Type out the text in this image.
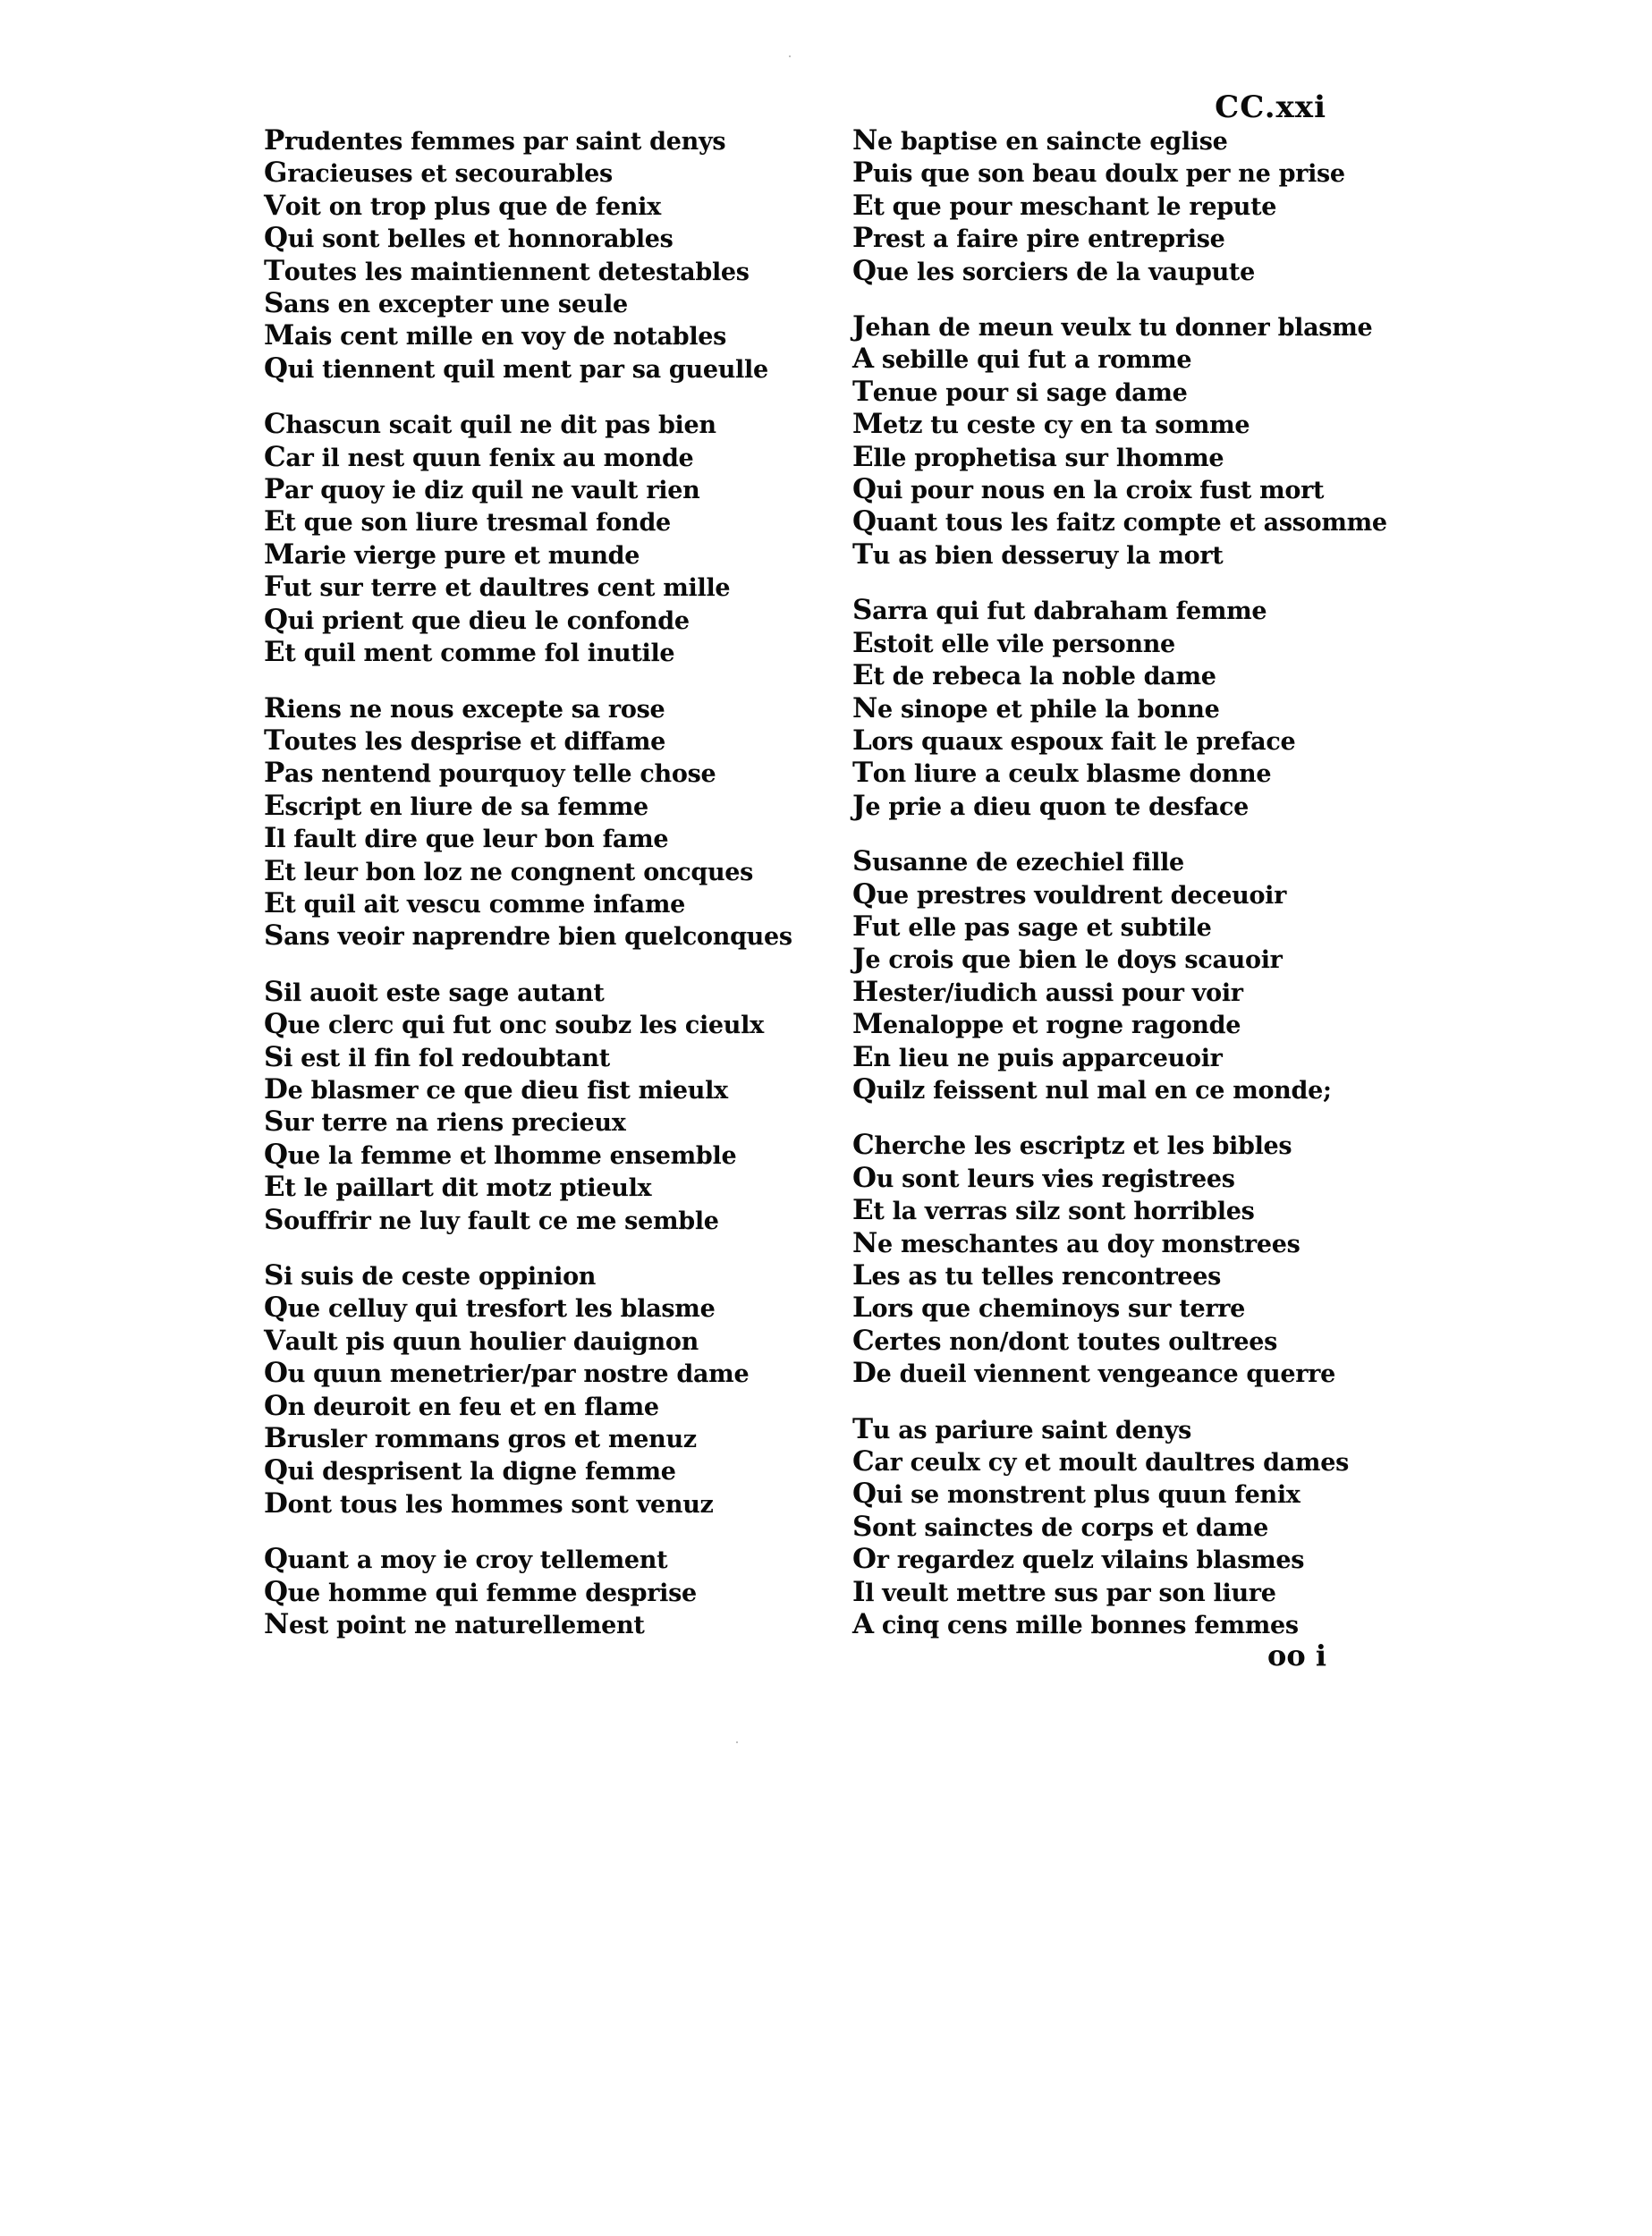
CC.xxi
Prudentes femmes par saint denys
Gracieuses et secourables
Voit on trop plus que de fenix
Qui sont belles et honnorables
Toutes les maintiennent detestables
Sans en excepter une seule
Mais cent mille en voy de notables
Qui tiennent quil ment par sa gueulle
Chascun scait quil ne dit pas bien
Car il nest quun fenix au monde
Par quoy ie diz quil ne vault rien
Et que son liure tresmal fonde
Marie vierge pure et munde
Fut sur terre et daultres cent mille
Qui prient que dieu le confonde
Et quil ment comme fol inutile
Riens ne nous excepte sa rose
Toutes les desprise et diffame
Pas nentend pourquoy telle chose
Escript en liure de sa femme
Il fault dire que leur bon fame
Et leur bon loz ne congnent oncques
Et quil ait vescu comme infame
Sans veoir naprendre bien quelconques
Sil auoit este sage autant
Que clerc qui fut onc soubz les cieulx
Si est il fin fol redoubtant
De blasmer ce que dieu fist mieulx
Sur terre na riens precieux
Que la femme et lhomme ensemble
Et le paillart dit motz ptieulx
Souffrir ne luy fault ce me semble
Si suis de ceste oppinion
Que celluy qui tresfort les blasme
Vault pis quun houlier dauignon
Ou quun menetrier/par nostre dame
On deuroit en feu et en flame
Brusler rommans gros et menuz
Qui desprisent la digne femme
Dont tous les hommes sont venuz
Quant a moy ie croy tellement
Que homme qui femme desprise
Nest point ne naturellement
Ne baptise en saincte eglise
Puis que son beau doulx per ne prise
Et que pour meschant le repute
Prest a faire pire entreprise
Que les sorciers de la vaupute
Jehan de meun veulx tu donner blasme
A sebille qui fut a romme
Tenue pour si sage dame
Metz tu ceste cy en ta somme
Elle prophetisa sur lhomme
Qui pour nous en la croix fust mort
Quant tous les faitz compte et assomme
Tu as bien desseruy la mort
Sarra qui fut dabraham femme
Estoit elle vile personne
Et de rebeca la noble dame
Ne sinope et phile la bonne
Lors quaux espoux fait le preface
Ton liure a ceulx blasme donne
Je prie a dieu quon te desface
Susanne de ezechiel fille
Que prestres vouldrent deceuoir
Fut elle pas sage et subtile
Je crois que bien le doys scauoir
Hester/iudich aussi pour voir
Menaloppe et rogne ragonde
En lieu ne puis apparceuoir
Quilz feissent nul mal en ce monde;
Cherche les escriptz et les bibles
Ou sont leurs vies registrees
Et la verras silz sont horribles
Ne meschantes au doy monstrees
Les as tu telles rencontrees
Lors que cheminoys sur terre
Certes non/dont toutes oultrees
De dueil viennent vengeance querre
Tu as pariure saint denys
Car ceulx cy et moult daultres dames
Qui se monstrent plus quun fenix
Sont sainctes de corps et dame
Or regardez quelz vilains blasmes
Il veult mettre sus par son liure
A cinq cens mille bonnes femmes
oo i
